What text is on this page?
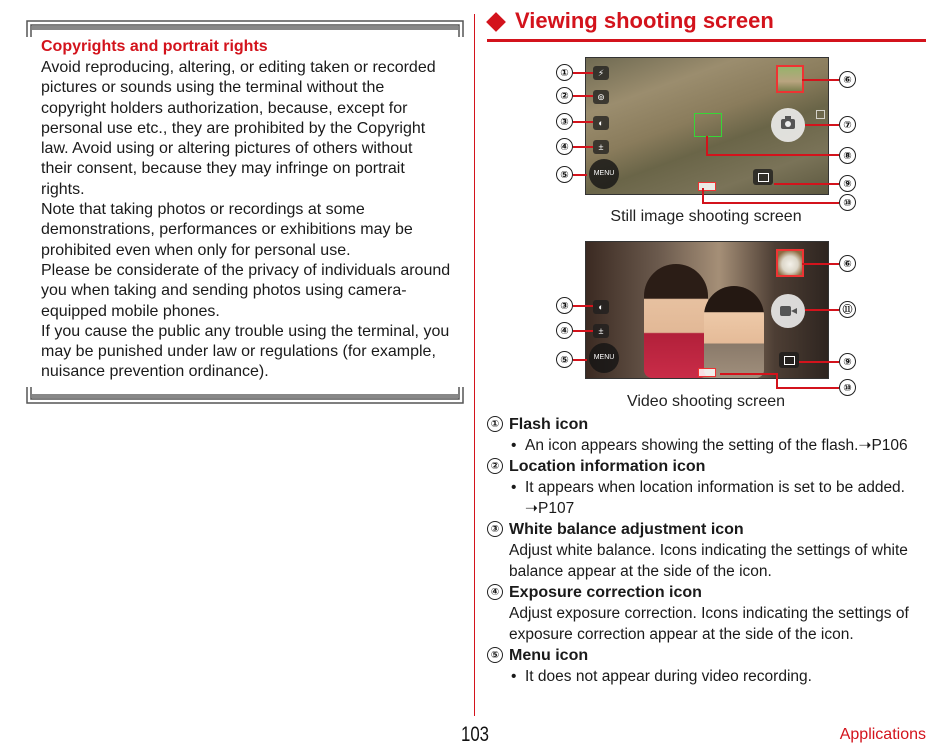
Copyrights and portrait rights
Avoid reproducing, altering, or editing taken or recorded
pictures or sounds using the terminal without the
copyright holders authorization, because, except for
personal use etc., they are prohibited by the Copyright
law. Avoid using or altering pictures of others without
their consent, because they may infringe on portrait
rights.
Note that taking photos or recordings at some
demonstrations, performances or exhibitions may be
prohibited even when only for personal use.
Please be considerate of the privacy of individuals around
you when taking and sending photos using camera-
equipped mobile phones.
If you cause the public any trouble using the terminal, you
may be punished under law or regulations (for example,
nuisance prevention ordinance).
Viewing shooting screen
⚡
⊚
◐
±
MENU
①
②
③
④
⑤
⑥
⑦
⑧
⑨
⑩
Still image shooting screen
◐
±
MENU
③
④
⑤
⑥
⑪
⑨
⑩
Video shooting screen
① Flash icon
• An icon appears showing the setting of the flash.➝P106
② Location information icon
• It appears when location information is set to be added.
➝P107
③ White balance adjustment icon
Adjust white balance. Icons indicating the settings of white
balance appear at the side of the icon.
④ Exposure correction icon
Adjust exposure correction. Icons indicating the settings of
exposure correction appear at the side of the icon.
⑤ Menu icon
• It does not appear during video recording.
103	Applications
